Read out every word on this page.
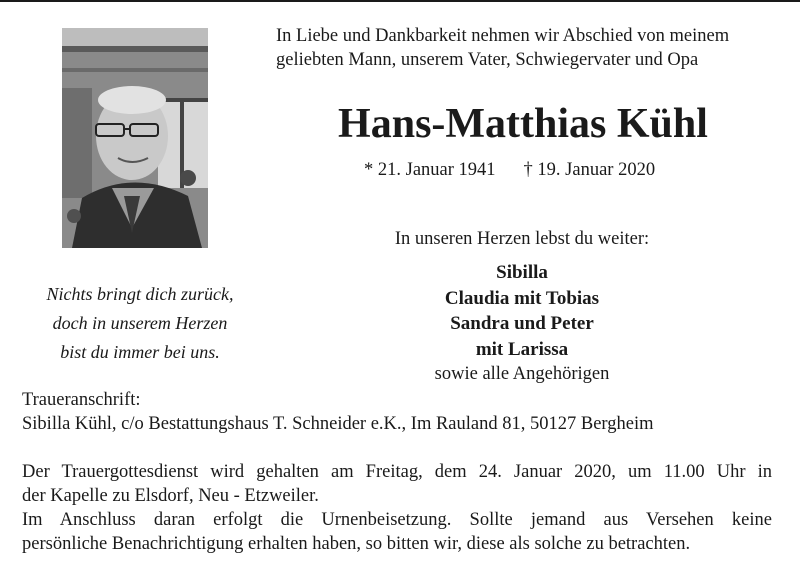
In Liebe und Dankbarkeit nehmen wir Abschied von meinem
geliebten Mann, unserem Vater, Schwiegervater und Opa
Hans-Matthias Kühl
* 21. Januar 1941 † 19. Januar 2020
Nichts bringt dich zurück,
doch in unserem Herzen
bist du immer bei uns.
In unseren Herzen lebst du weiter:
Sibilla
Claudia mit Tobias
Sandra und Peter
mit Larissa
sowie alle Angehörigen
Traueranschrift:
Sibilla Kühl, c/o Bestattungshaus T. Schneider e.K., Im Rauland 81, 50127 Bergheim
Der Trauergottesdienst wird gehalten am Freitag, dem 24. Januar 2020, um 11.00 Uhr in
der Kapelle zu Elsdorf, Neu - Etzweiler.
Im Anschluss daran erfolgt die Urnenbeisetzung. Sollte jemand aus Versehen keine
persönliche Benachrichtigung erhalten haben, so bitten wir, diese als solche zu betrachten.
